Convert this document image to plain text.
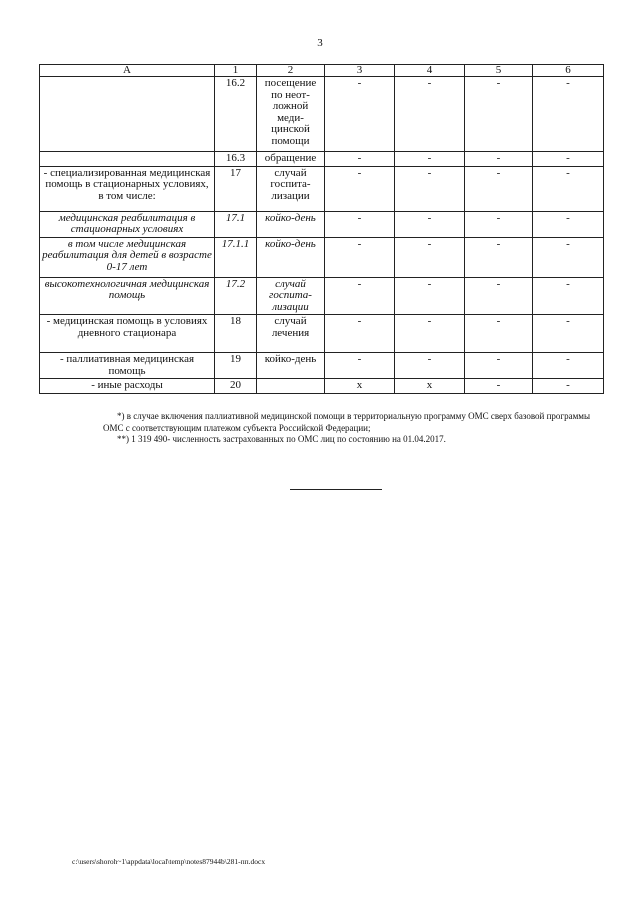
3
А	1	2	3	4	5	6
	16.2	посещение по неот-ложной меди-цинской помощи	-	-	-	-
	16.3	обращение	-	-	-	-
- специализированная медицинская помощь в стационарных условиях, в том числе:	17	случай госпита-лизации	-	-	-	-
медицинская реабилитация в стационарных условиях	17.1	койко-день	-	-	-	-
в том числе медицинская реабилитация для детей в возрасте 0-17 лет	17.1.1	койко-день	-	-	-	-
высокотехнологичная медицинская помощь	17.2	случай госпита-лизации	-	-	-	-
- медицинская помощь в условиях дневного стационара	18	случай лечения	-	-	-	-
- паллиативная медицинская помощь	19	койко-день	-	-	-	-
- иные расходы	20		x	x	-	-

*) в случае включения паллиативной медицинской помощи в территориальную программу ОМС сверх базовой программы ОМС с соответствующим платежом субъекта Российской Федерации;

**) 1 319 490- численность застрахованных по ОМС лиц по состоянию на 01.04.2017.

c:\users\shoroh~1\appdata\local\temp\notes87944b\281-пп.docx
